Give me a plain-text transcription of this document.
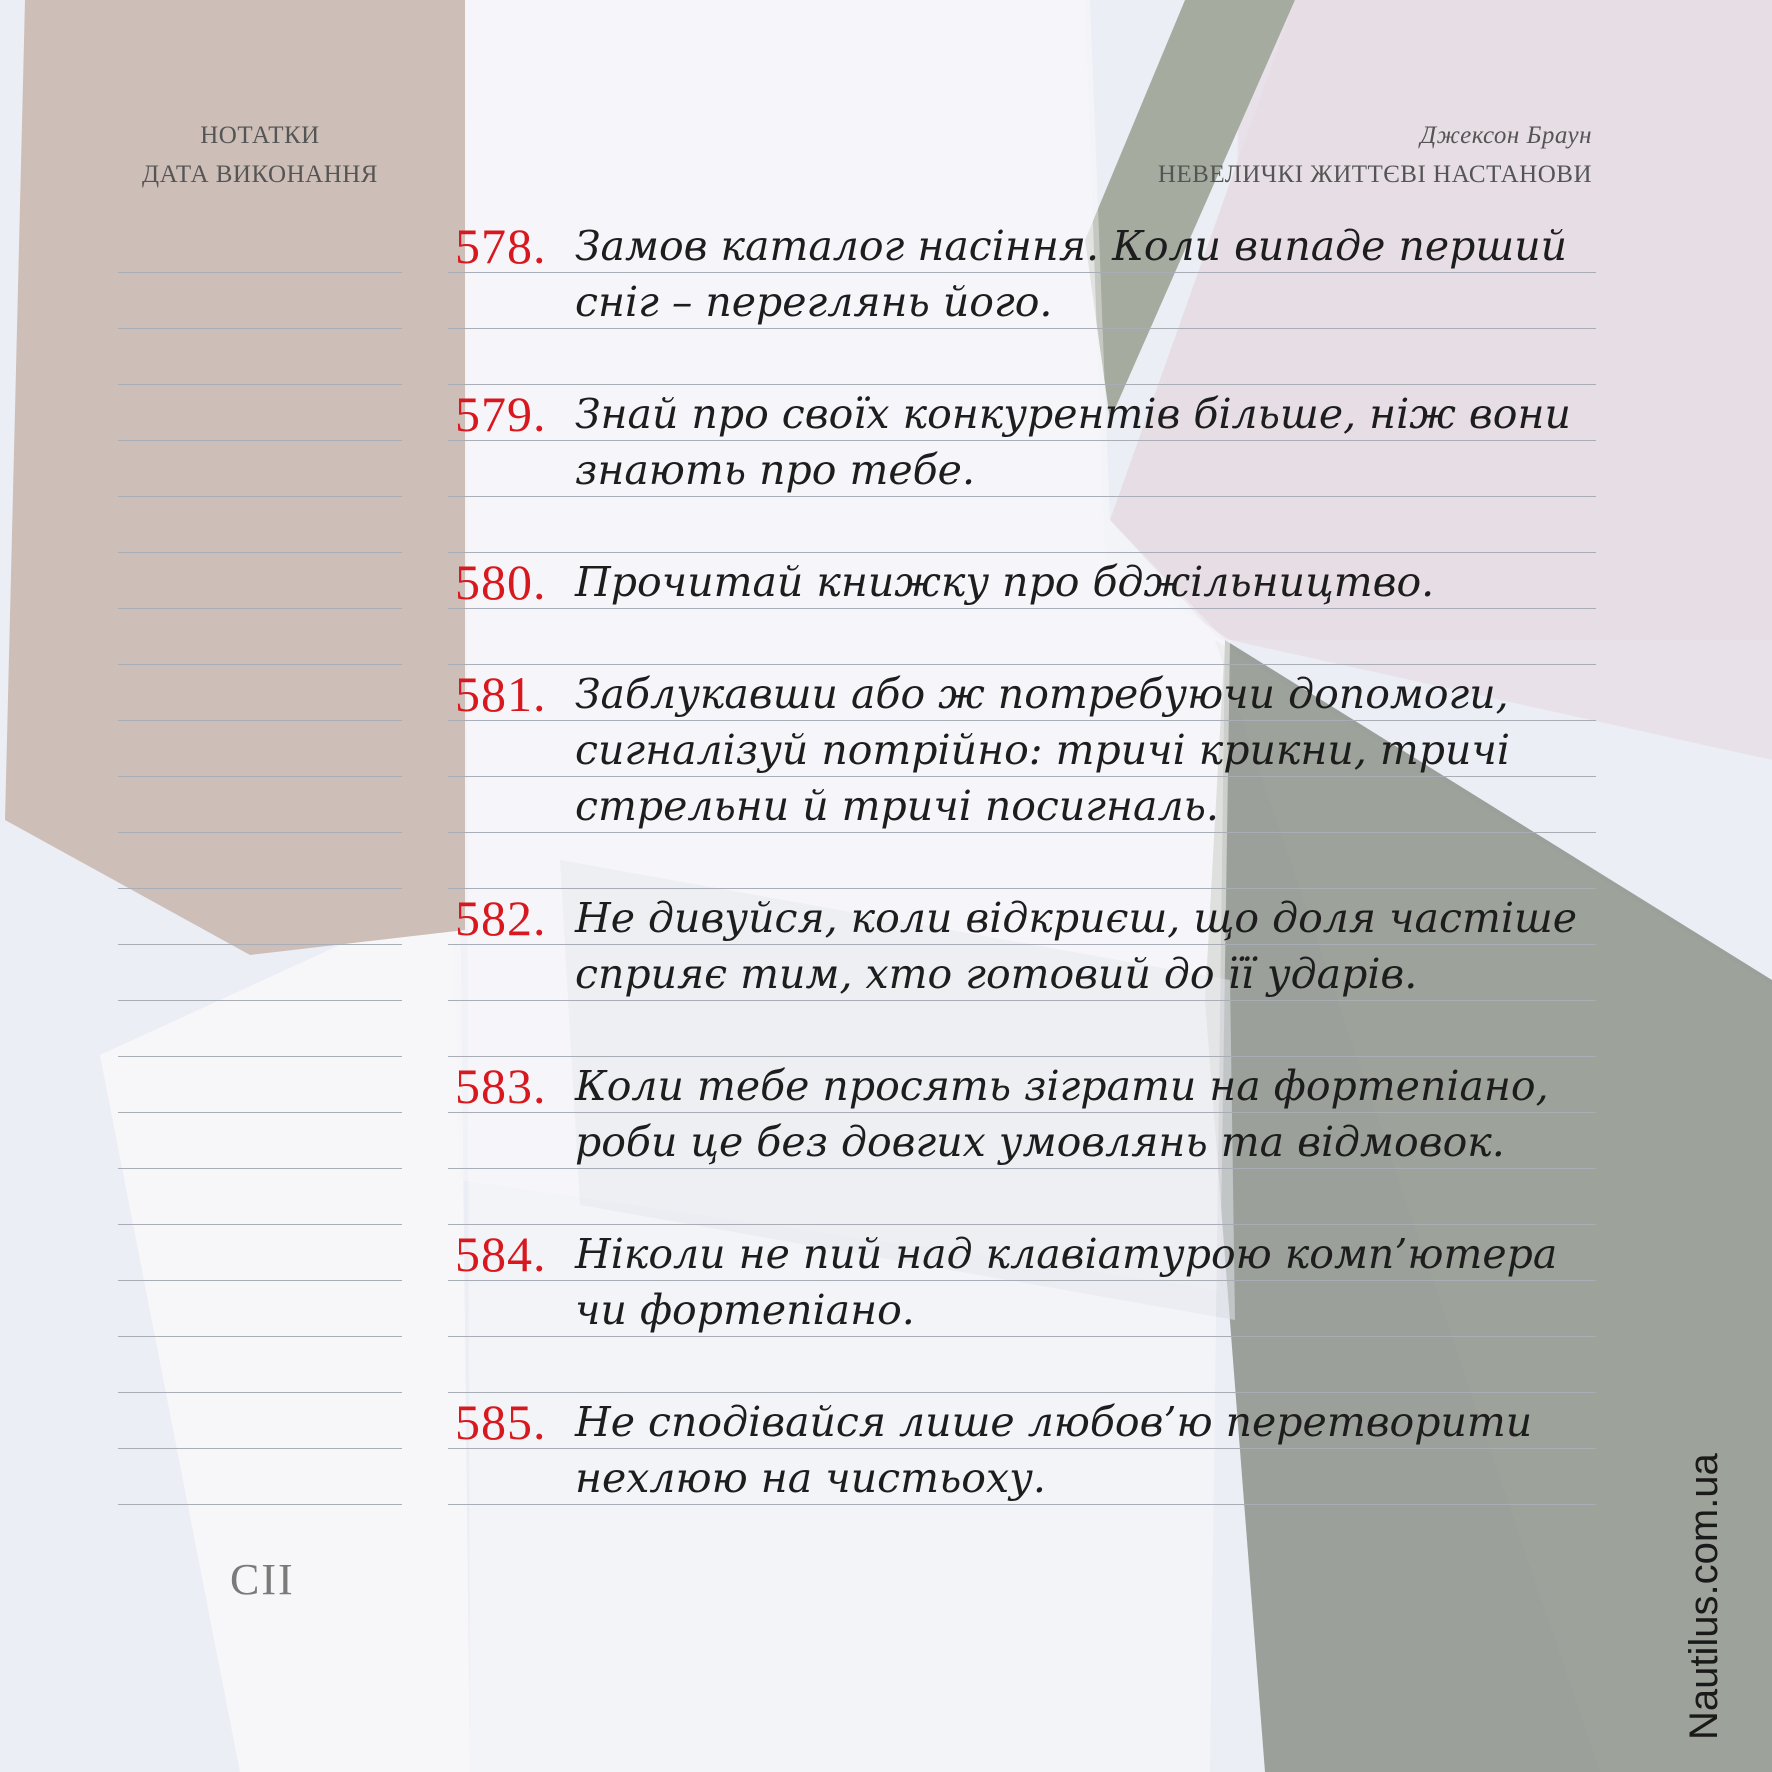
НОТАТКИ
ДАТА ВИКОНАННЯ
Джексон Браун
НЕВЕЛИЧКІ ЖИТТЄВІ НАСТАНОВИ
578. Замов каталог насіння. Коли випаде перший сніг – переглянь його.
579. Знай про своїх конкурентів більше, ніж вони знають про тебе.
580. Прочитай книжку про бджільництво.
581. Заблукавши або ж потребуючи допомоги, сигналізуй потрійно: тричі крикни, тричі стрельни й тричі посигналь.
582. Не дивуйся, коли відкриєш, що доля частіше сприяє тим, хто готовий до її ударів.
583. Коли тебе просять зіграти на фортепіано, роби це без довгих умовлянь та відмовок.
584. Ніколи не пий над клавіатурою комп’ютера чи фортепіано.
585. Не сподівайся лише любов’ю перетворити нехлюю на чистьоху.
CII	Nautilus.com.ua
